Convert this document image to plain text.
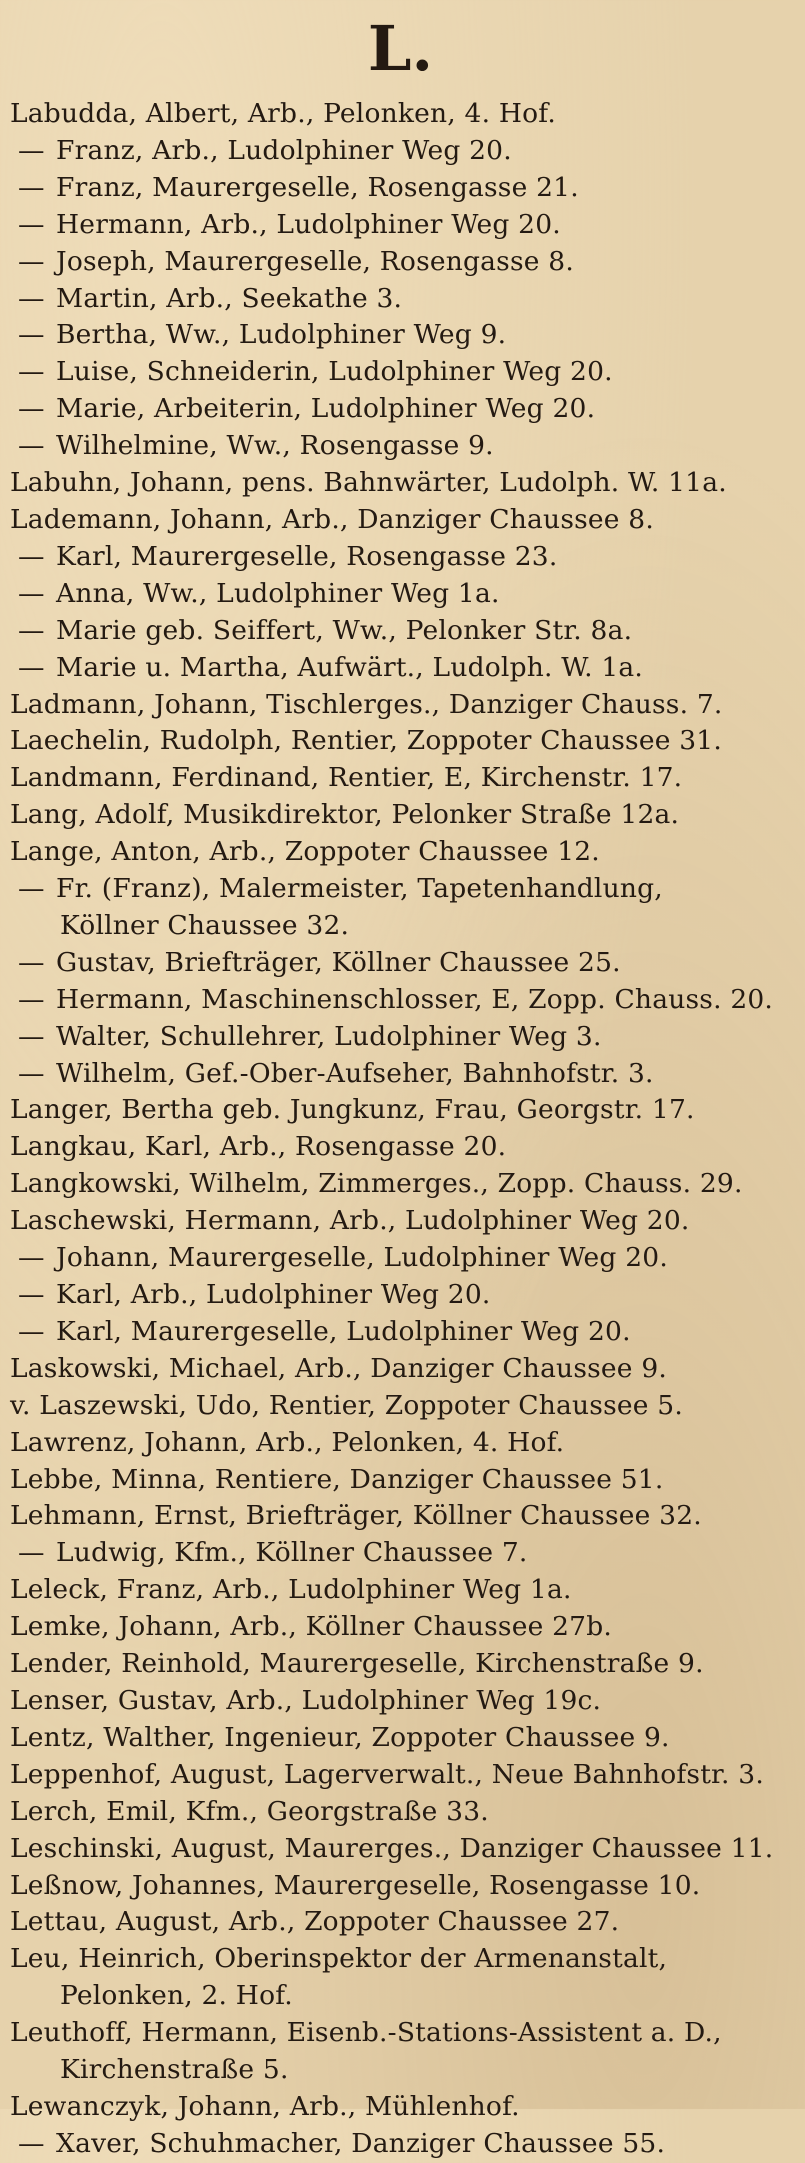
L.
Labudda, Albert, Arb., Pelonken, 4. Hof.
— Franz, Arb., Ludolphiner Weg 20.
— Franz, Maurergeselle, Rosengasse 21.
— Hermann, Arb., Ludolphiner Weg 20.
— Joseph, Maurergeselle, Rosengasse 8.
— Martin, Arb., Seekathe 3.
— Bertha, Ww., Ludolphiner Weg 9.
— Luise, Schneiderin, Ludolphiner Weg 20.
— Marie, Arbeiterin, Ludolphiner Weg 20.
— Wilhelmine, Ww., Rosengasse 9.
Labuhn, Johann, pens. Bahnwärter, Ludolph. W. 11a.
Lademann, Johann, Arb., Danziger Chaussee 8.
— Karl, Maurergeselle, Rosengasse 23.
— Anna, Ww., Ludolphiner Weg 1a.
— Marie geb. Seiffert, Ww., Pelonker Str. 8a.
— Marie u. Martha, Aufwärt., Ludolph. W. 1a.
Ladmann, Johann, Tischlerges., Danziger Chauss. 7.
Laechelin, Rudolph, Rentier, Zoppoter Chaussee 31.
Landmann, Ferdinand, Rentier, E, Kirchenstr. 17.
Lang, Adolf, Musikdirektor, Pelonker Straße 12a.
Lange, Anton, Arb., Zoppoter Chaussee 12.
— Fr. (Franz), Malermeister, Tapetenhandlung,
Köllner Chaussee 32.
— Gustav, Briefträger, Köllner Chaussee 25.
— Hermann, Maschinenschlosser, E, Zopp. Chauss. 20.
— Walter, Schullehrer, Ludolphiner Weg 3.
— Wilhelm, Gef.-Ober-Aufseher, Bahnhofstr. 3.
Langer, Bertha geb. Jungkunz, Frau, Georgstr. 17.
Langkau, Karl, Arb., Rosengasse 20.
Langkowski, Wilhelm, Zimmerges., Zopp. Chauss. 29.
Laschewski, Hermann, Arb., Ludolphiner Weg 20.
— Johann, Maurergeselle, Ludolphiner Weg 20.
— Karl, Arb., Ludolphiner Weg 20.
— Karl, Maurergeselle, Ludolphiner Weg 20.
Laskowski, Michael, Arb., Danziger Chaussee 9.
v. Laszewski, Udo, Rentier, Zoppoter Chaussee 5.
Lawrenz, Johann, Arb., Pelonken, 4. Hof.
Lebbe, Minna, Rentiere, Danziger Chaussee 51.
Lehmann, Ernst, Briefträger, Köllner Chaussee 32.
— Ludwig, Kfm., Köllner Chaussee 7.
Leleck, Franz, Arb., Ludolphiner Weg 1a.
Lemke, Johann, Arb., Köllner Chaussee 27b.
Lender, Reinhold, Maurergeselle, Kirchenstraße 9.
Lenser, Gustav, Arb., Ludolphiner Weg 19c.
Lentz, Walther, Ingenieur, Zoppoter Chaussee 9.
Leppenhof, August, Lagerverwalt., Neue Bahnhofstr. 3.
Lerch, Emil, Kfm., Georgstraße 33.
Leschinski, August, Maurerges., Danziger Chaussee 11.
Leßnow, Johannes, Maurergeselle, Rosengasse 10.
Lettau, August, Arb., Zoppoter Chaussee 27.
Leu, Heinrich, Oberinspektor der Armenanstalt,
Pelonken, 2. Hof.
Leuthoff, Hermann, Eisenb.-Stations-Assistent a. D.,
Kirchenstraße 5.
Lewanczyk, Johann, Arb., Mühlenhof.
— Xaver, Schuhmacher, Danziger Chaussee 55.
